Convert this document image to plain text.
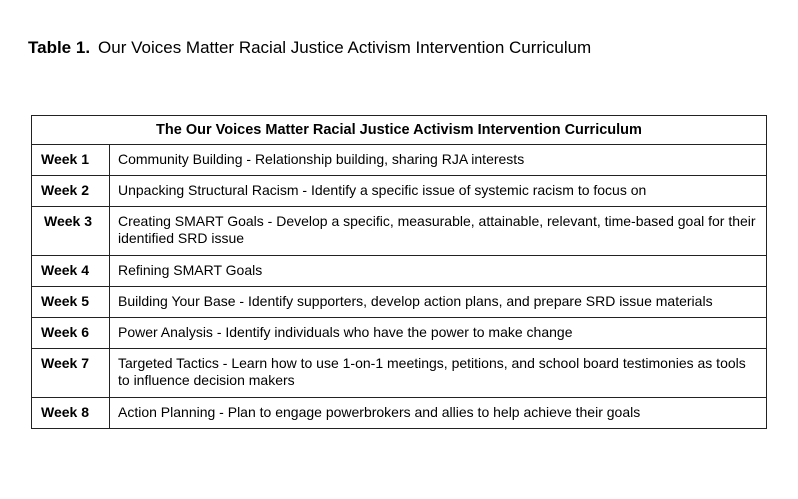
Table 1. Our Voices Matter Racial Justice Activism Intervention Curriculum
The Our Voices Matter Racial Justice Activism Intervention Curriculum	
Week 1	Community Building - Relationship building, sharing RJA interests
Week 2	Unpacking Structural Racism - Identify a specific issue of systemic racism to focus on
Week 3	Creating SMART Goals - Develop a specific, measurable, attainable, relevant, time-based goal for their identified SRD issue
Week 4	Refining SMART Goals
Week 5	Building Your Base - Identify supporters, develop action plans, and prepare SRD issue materials
Week 6	Power Analysis - Identify individuals who have the power to make change
Week 7	Targeted Tactics - Learn how to use 1-on-1 meetings, petitions, and school board testimonies as tools to influence decision makers
Week 8	Action Planning - Plan to engage powerbrokers and allies to help achieve their goals
